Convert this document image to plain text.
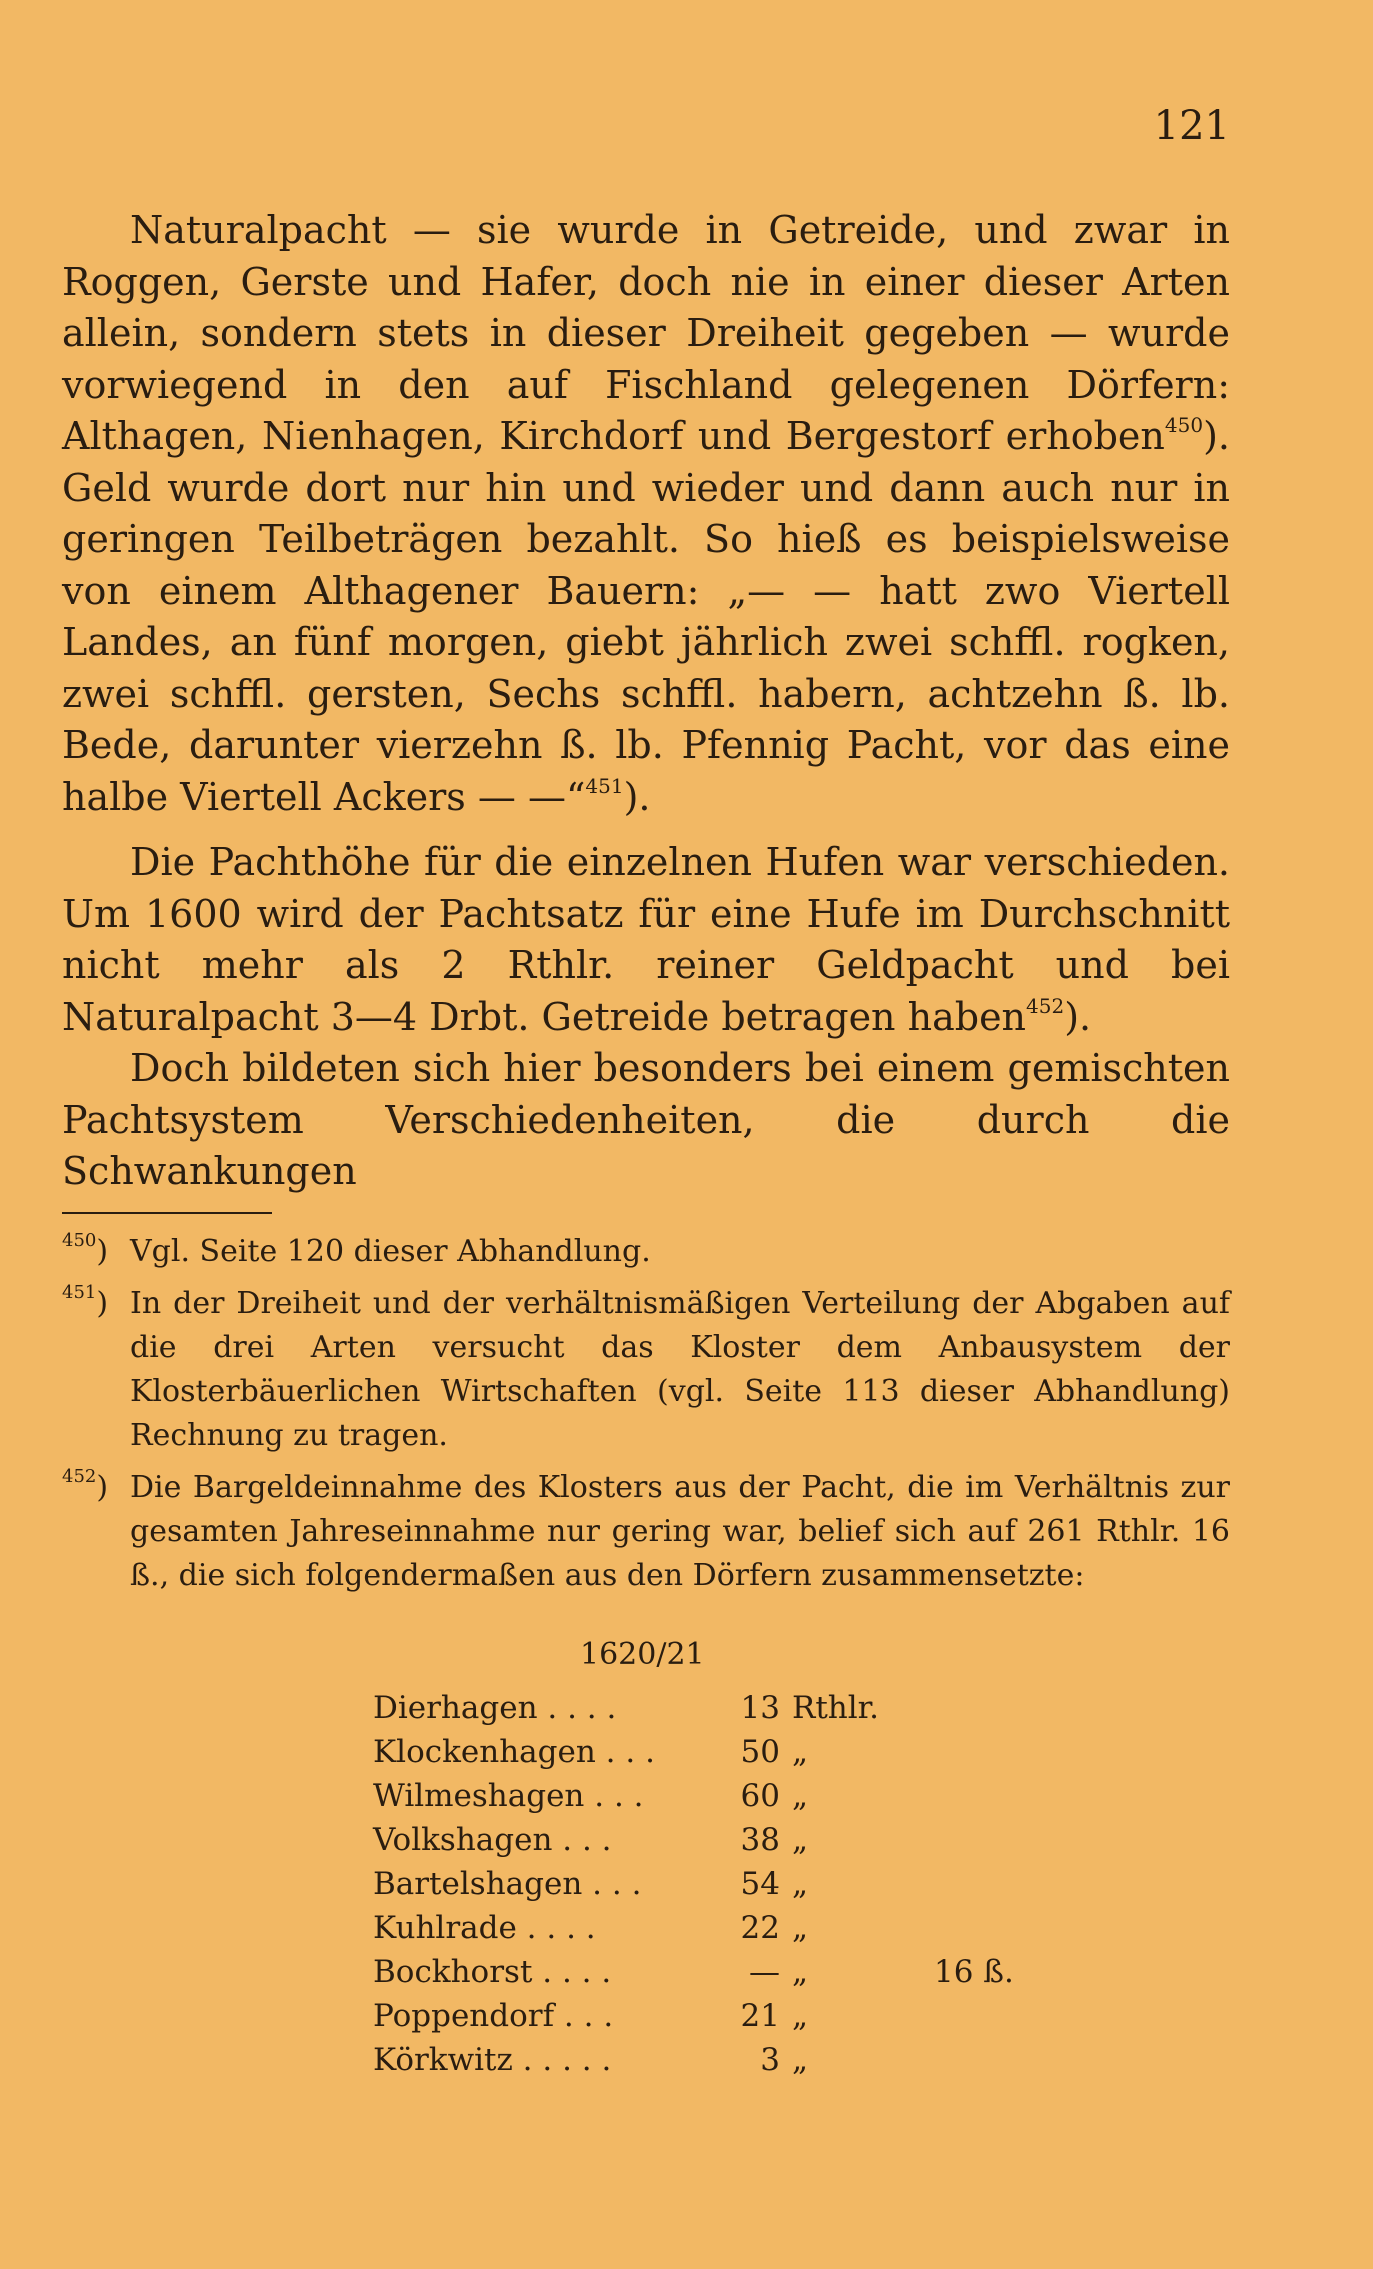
121

Naturalpacht — sie wurde in Getreide, und zwar in Roggen, Gerste und Hafer, doch nie in einer dieser Arten allein, sondern stets in dieser Dreiheit gegeben — wurde vorwiegend in den auf Fischland gelegenen Dörfern: Althagen, Nienhagen, Kirchdorf und Bergestorf erhoben$^{450}$). Geld wurde dort nur hin und wieder und dann auch nur in geringen Teilbeträgen bezahlt. So hieß es beispielsweise von einem Althagener Bauern: „— — hatt zwo Viertell Landes, an fünf morgen, giebt jährlich zwei schffl. rogken, zwei schffl. gersten, Sechs schffl. habern, achtzehn ß. lb. Bede, darunter vierzehn ß. lb. Pfennig Pacht, vor das eine halbe Viertell Ackers — —“$^{451}$).

Die Pachthöhe für die einzelnen Hufen war verschieden. Um 1600 wird der Pachtsatz für eine Hufe im Durchschnitt nicht mehr als 2 Rthlr. reiner Geldpacht und bei Naturalpacht 3—4 Drbt. Getreide betragen haben$^{452}$).

Doch bildeten sich hier besonders bei einem gemischten Pachtsystem Verschiedenheiten, die durch die Schwankungen

$^{450}$) Vgl. Seite 120 dieser Abhandlung.
$^{451}$) In der Dreiheit und der verhältnismäßigen Verteilung der Abgaben auf die drei Arten versucht das Kloster dem Anbausystem der Klosterbäuerlichen Wirtschaften (vgl. Seite 113 dieser Abhandlung) Rechnung zu tragen.
$^{452}$) Die Bargeldeinnahme des Klosters aus der Pacht, die im Verhältnis zur gesamten Jahreseinnahme nur gering war, belief sich auf 261 Rthlr. 16 ß., die sich folgendermaßen aus den Dörfern zusammensetzte:
1620/21
Dierhagen . . . .	13	Rthlr.	
Klockenhagen . . .	50	„	
Wilmeshagen . . .	60	„	
Volkshagen . . .	38	„	
Bartelshagen . . .	54	„	
Kuhlrade . . . .	22	„	
Bockhorst . . . .	—	„	16 ß.
Poppendorf . . .	21	„	
Körkwitz . . . . .	3	„	
